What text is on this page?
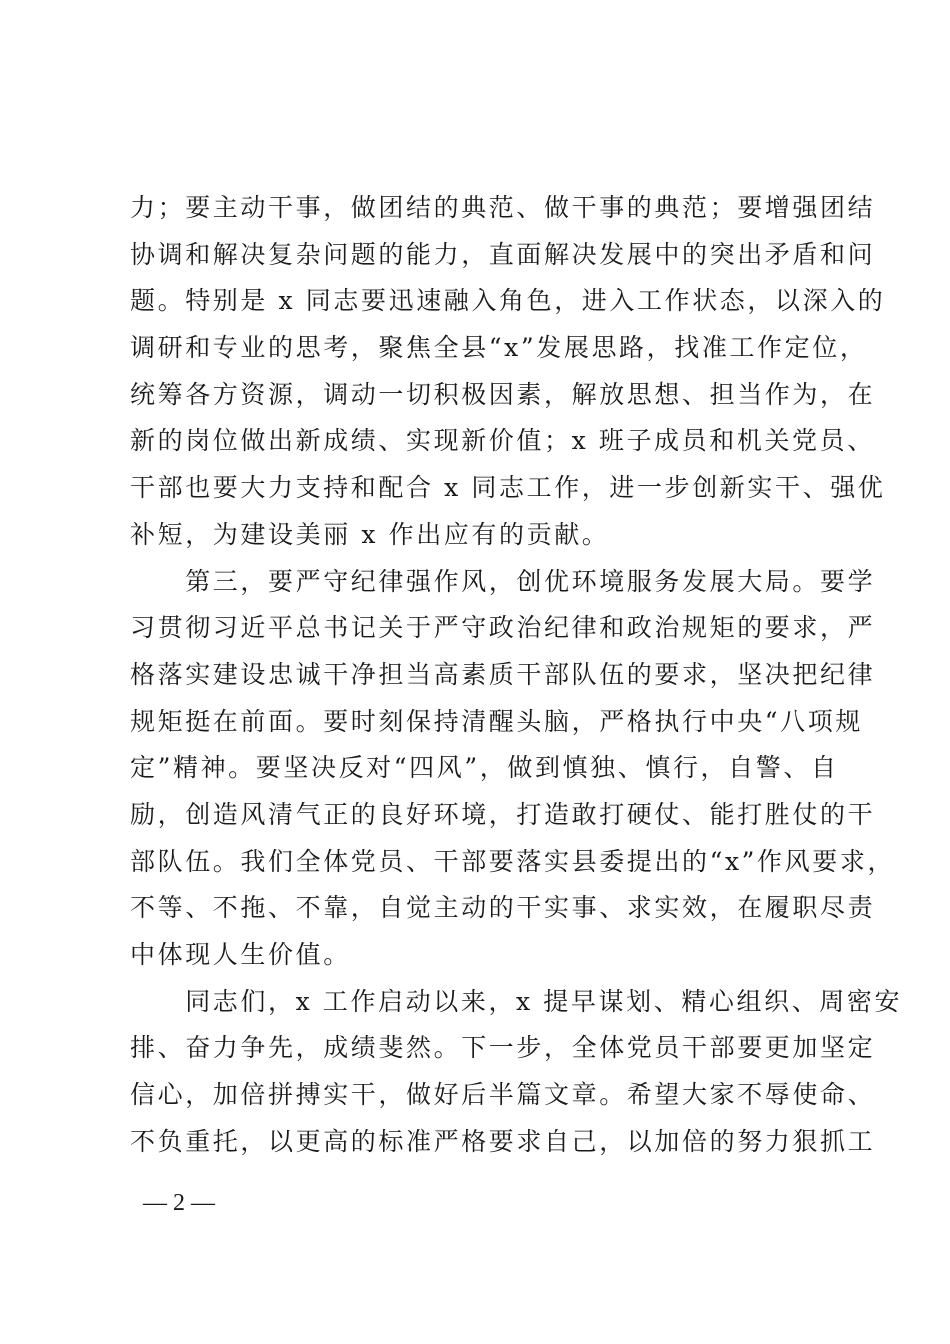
力；要主动干事，做团结的典范、做干事的典范；要增强团结
协调和解决复杂问题的能力，直面解决发展中的突出矛盾和问
题。特别是 x 同志要迅速融入角色，进入工作状态，以深入的
调研和专业的思考，聚焦全县“x”发展思路，找准工作定位，
统筹各方资源，调动一切积极因素，解放思想、担当作为，在
新的岗位做出新成绩、实现新价值；x 班子成员和机关党员、
干部也要大力支持和配合 x 同志工作，进一步创新实干、强优
补短，为建设美丽 x 作出应有的贡献。
　　第三，要严守纪律强作风，创优环境服务发展大局。要学
习贯彻习近平总书记关于严守政治纪律和政治规矩的要求，严
格落实建设忠诚干净担当高素质干部队伍的要求，坚决把纪律
规矩挺在前面。要时刻保持清醒头脑，严格执行中央“八项规
定”精神。要坚决反对“四风”，做到慎独、慎行，自警、自
励，创造风清气正的良好环境，打造敢打硬仗、能打胜仗的干
部队伍。我们全体党员、干部要落实县委提出的“x”作风要求，
不等、不拖、不靠，自觉主动的干实事、求实效，在履职尽责
中体现人生价值。
　　同志们，x 工作启动以来，x 提早谋划、精心组织、周密安
排、奋力争先，成绩斐然。下一步，全体党员干部要更加坚定
信心，加倍拼搏实干，做好后半篇文章。希望大家不辱使命、
不负重托，以更高的标准严格要求自己，以加倍的努力狠抓工
— 2 —
